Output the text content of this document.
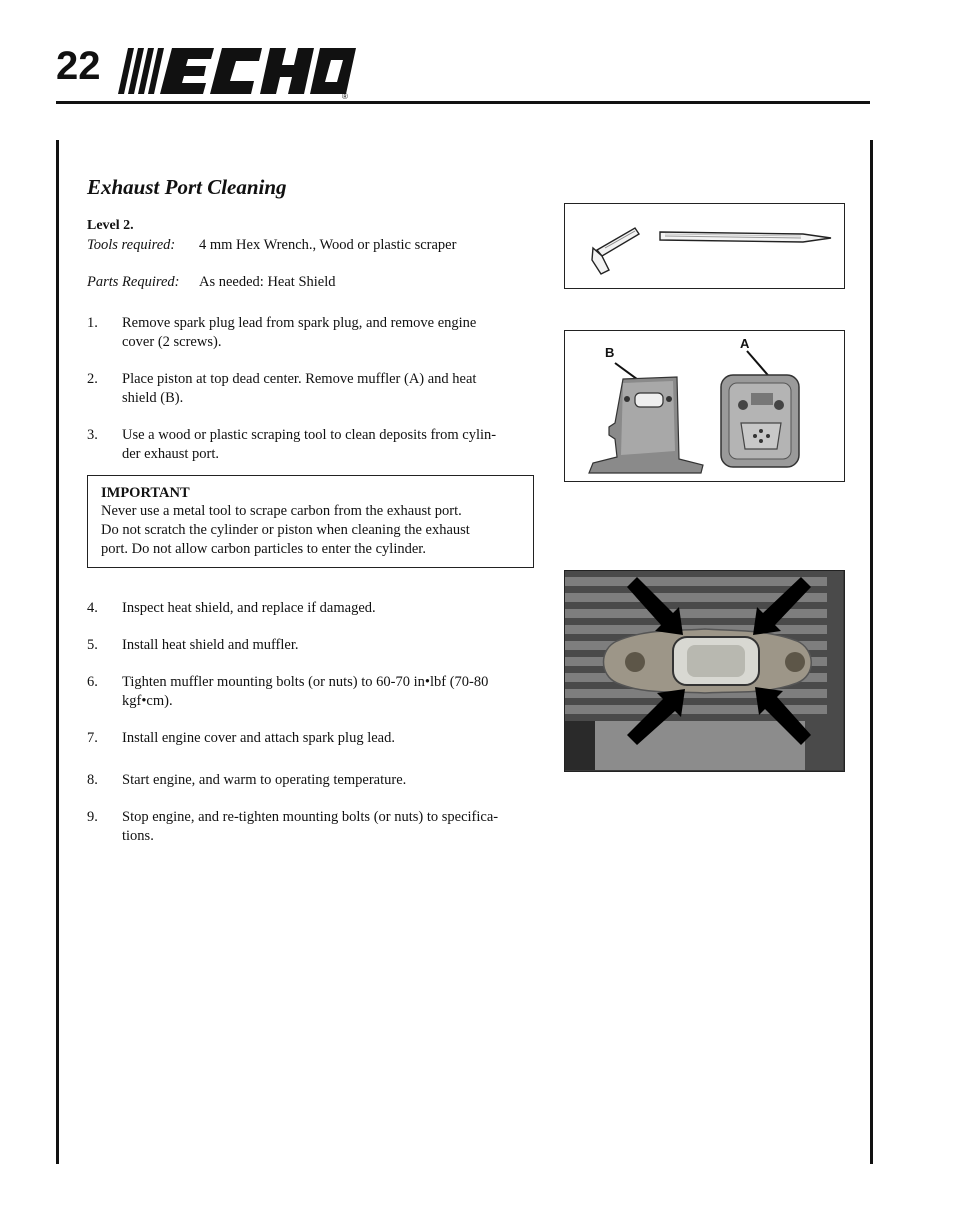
22
®
Exhaust Port Cleaning
Level 2.
Tools required: 4 mm Hex Wrench., Wood or plastic scraper
Parts Required: As needed: Heat Shield
1. Remove spark plug lead from spark plug, and remove engine
cover (2 screws).
2. Place piston at top dead center. Remove muffler (A) and heat
shield (B).
3. Use a wood or plastic scraping tool to clean deposits from cylin-
der exhaust port.
IMPORTANT
Never use a metal tool to scrape carbon from the exhaust port.
Do not scratch the cylinder or piston when cleaning the exhaust
port. Do not allow carbon particles to enter the cylinder.
4. Inspect heat shield, and replace if damaged.
5. Install heat shield and muffler.
6. Tighten muffler mounting bolts (or nuts) to 60-70 in•lbf (70-80
kgf•cm).
7. Install engine cover and attach spark plug lead.
8. Start engine, and warm to operating temperature.
9. Stop engine, and re-tighten mounting bolts (or nuts) to specifica-
tions.
B
A
